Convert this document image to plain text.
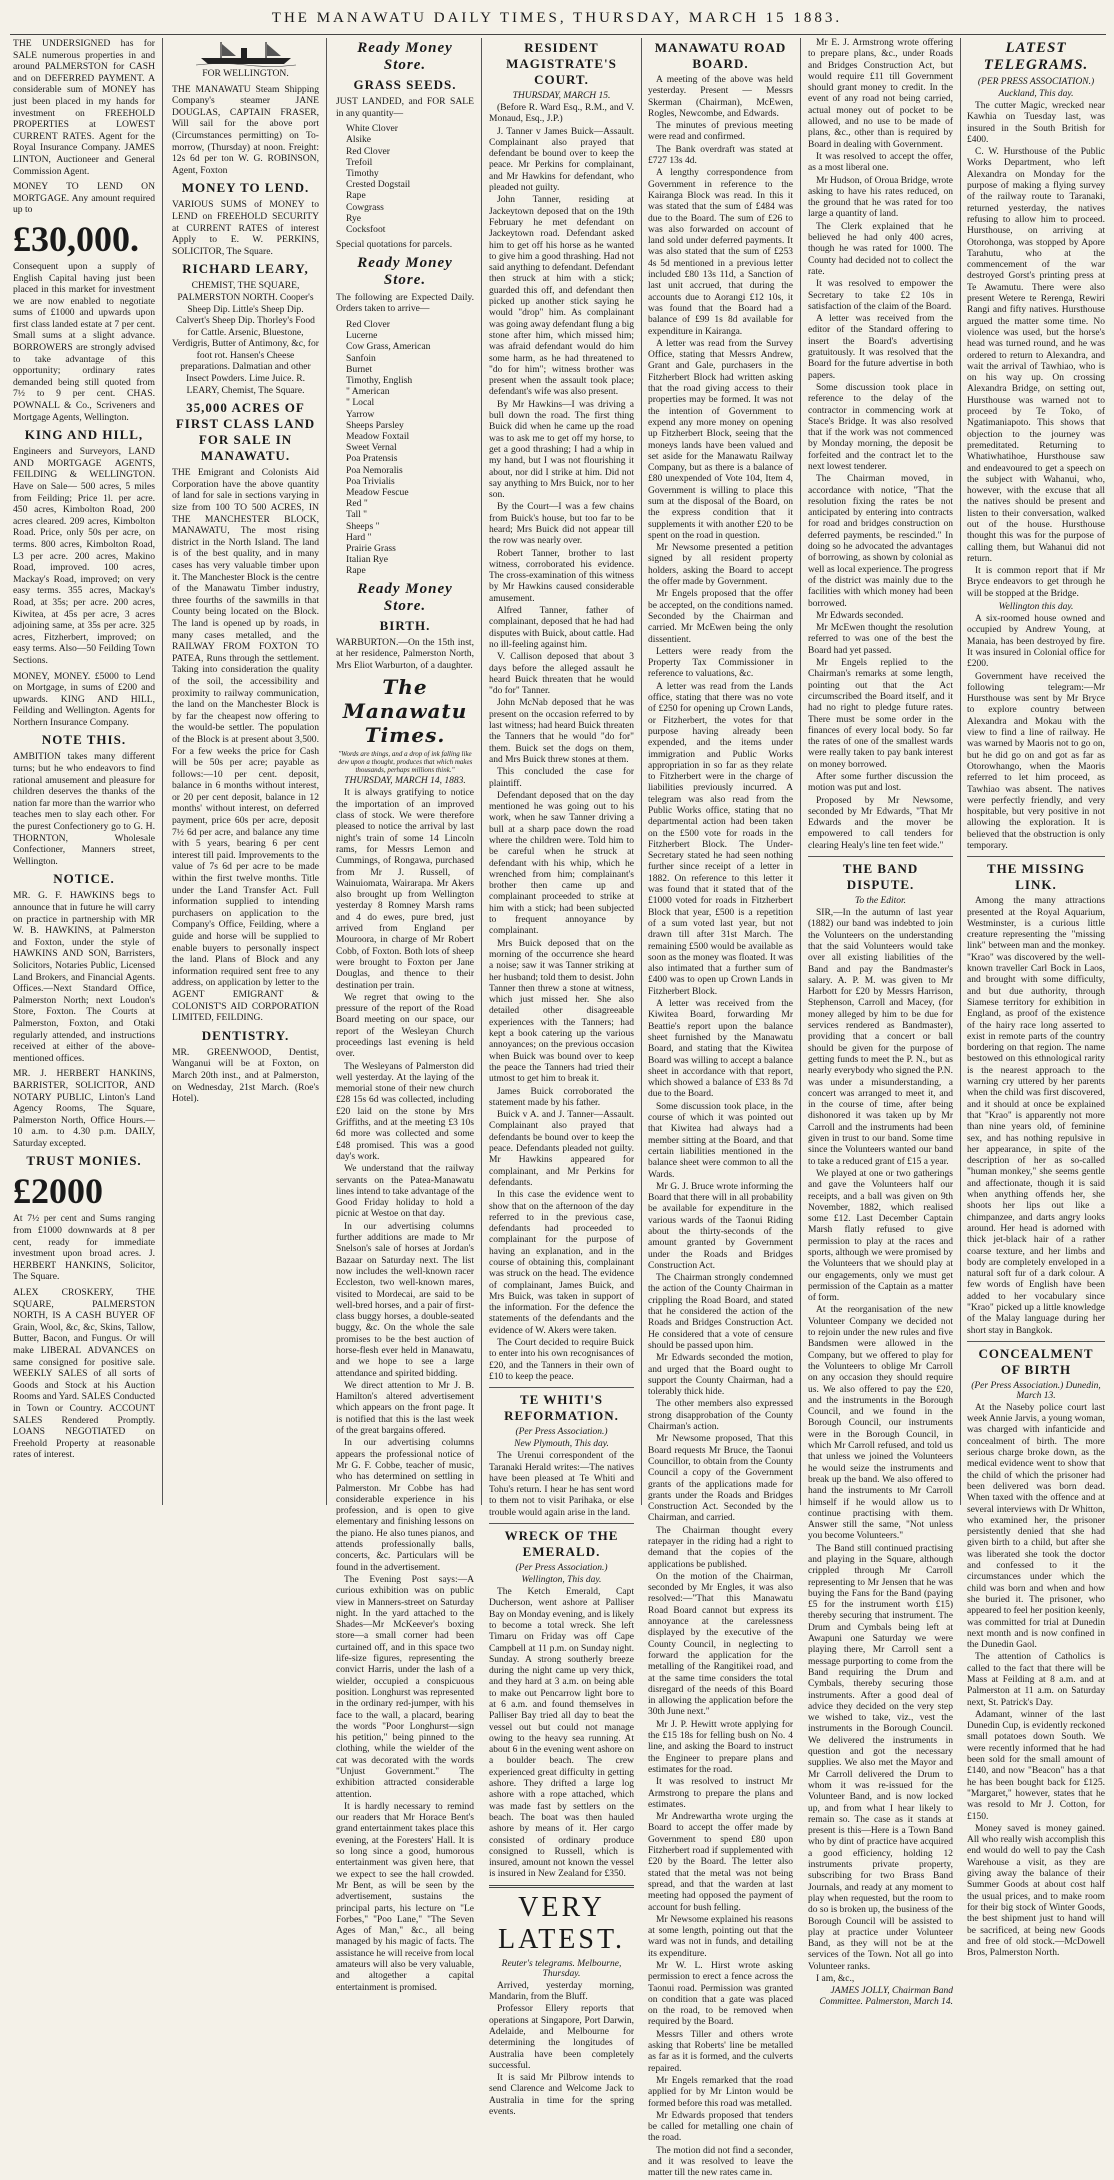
THE MANAWATU DAILY TIMES, THURSDAY, MARCH 15 1883.
THE UNDERSIGNED has for SALE numerous properties in and around PALMERSTON for CASH and on DEFERRED PAYMENT. A considerable sum of MONEY has just been placed in my hands for investment on FREEHOLD PROPERTIES at LOWEST CURRENT RATES. Agent for the Royal Insurance Company. JAMES LINTON, Auctioneer and General Commission Agent.
MONEY TO LEND ON MORTGAGE. Any amount required up to
£30,000.
Consequent upon a supply of English Capital having just been placed in this market for investment we are now enabled to negotiate sums of £1000 and upwards upon first class landed estate at 7 per cent. Small sums at a slight advance. BORROWERS are strongly advised to take advantage of this opportunity; ordinary rates demanded being still quoted from 7½ to 9 per cent. CHAS. POWNALL & Co., Scriveners and Mortgage Agents, Wellington.
KING AND HILL,
Engineers and Surveyors, LAND AND MORTGAGE AGENTS, FEILDING & WELLINGTON. Have on Sale— 500 acres, 5 miles from Feilding; Price 1l. per acre. 450 acres, Kimbolton Road, 200 acres cleared. 209 acres, Kimbolton Road. Price, only 50s per acre, on terms. 800 acres, Kimbolton Road, L3 per acre. 200 acres, Makino Road, improved. 100 acres, Mackay's Road, improved; on very easy terms. 355 acres, Mackay's Road, at 35s; per acre. 200 acres, Kiwitea, at 45s per acre, 3 acres adjoining same, at 35s per acre. 325 acres, Fitzherbert, improved; on easy terms. Also—50 Feilding Town Sections.
MONEY, MONEY. £5000 to Lend on Mortgage, in sums of £200 and upwards. KING AND HILL, Feilding and Wellington. Agents for Northern Insurance Company.
NOTE THIS.
AMBITION takes many different turns; but he who endeavors to find rational amusement and pleasure for children deserves the thanks of the nation far more than the warrior who teaches men to slay each other. For the purest Confectionery go to G. H. THORNTON, Wholesale Confectioner, Manners street, Wellington.
NOTICE.
MR. G. F. HAWKINS begs to announce that in future he will carry on practice in partnership with MR W. B. HAWKINS, at Palmerston and Foxton, under the style of HAWKINS AND SON, Barristers, Solicitors, Notaries Public, Licensed Land Brokers, and Financial Agents. Offices.—Next Standard Office, Palmerston North; next Loudon's Store, Foxton. The Courts at Palmerston, Foxton, and Otaki regularly attended, and instructions received at either of the above-mentioned offices.
MR. J. HERBERT HANKINS, BARRISTER, SOLICITOR, AND NOTARY PUBLIC, Linton's Land Agency Rooms, The Square, Palmerston North, Office Hours.—10 a.m. to 4.30 p.m. DAILY, Saturday excepted.
TRUST MONIES.
£2000
At 7½ per cent and Sums ranging from £1000 downwards at 8 per cent, ready for immediate investment upon broad acres. J. HERBERT HANKINS, Solicitor, The Square.
ALEX CROSKERY, THE SQUARE, PALMERSTON NORTH, IS A CASH BUYER OF Grain, Wool, &c, &c, Skins, Tallow, Butter, Bacon, and Fungus. Or will make LIBERAL ADVANCES on same consigned for positive sale. WEEKLY SALES of all sorts of Goods and Stock at his Auction Rooms and Yard. SALES Conducted in Town or Country. ACCOUNT SALES Rendered Promptly. LOANS NEGOTIATED on Freehold Property at reasonable rates of interest.
FOR WELLINGTON.
THE MANAWATU Steam Shipping Company's steamer JANE DOUGLAS, CAPTAIN FRASER, Will sail for the above port (Circumstances permitting) on To-morrow, (Thursday) at noon. Freight: 12s 6d per ton W. G. ROBINSON, Agent, Foxton
MONEY TO LEND.
VARIOUS SUMS of MONEY to LEND on FREEHOLD SECURITY at CURRENT RATES of interest Apply to E. W. PERKINS, SOLICITOR, The Square.
RICHARD LEARY,
CHEMIST, THE SQUARE, PALMERSTON NORTH. Cooper's Sheep Dip. Little's Sheep Dip. Calvert's Sheep Dip. Thorley's Food for Cattle. Arsenic, Bluestone, Verdigris, Butter of Antimony, &c, for foot rot. Hansen's Cheese preparations. Dalmatian and other Insect Powders. Lime Juice. R. LEARY, Chemist, The Square.
35,000 ACRES OF FIRST CLASS LAND FOR SALE IN MANAWATU.
THE Emigrant and Colonists Aid Corporation have the above quantity of land for sale in sections varying in size from 100 TO 500 ACRES, IN THE MANCHESTER BLOCK, MANAWATU, The most rising district in the North Island. The land is of the best quality, and in many cases has very valuable timber upon it. The Manchester Block is the centre of the Manawatu Timber industry, three fourths of the sawmills in that County being located on the Block. The land is opened up by roads, in many cases metalled, and the RAILWAY FROM FOXTON TO PATEA, Runs through the settlement. Taking into consideration the quality of the soil, the accessibility and proximity to railway communication, the land on the Manchester Block is by far the cheapest now offering to the would-be settler. The population of the Block is at present about 3,500. For a few weeks the price for Cash will be 50s per acre; payable as follows:—10 per cent. deposit, balance in 6 months without interest, or 20 per cent deposit, balance in 12 months' without interest, on deferred payment, price 60s per acre, deposit 7½ 6d per acre, and balance any time with 5 years, bearing 6 per cent interest till paid. Improvements to the value of 7s 6d per acre to be made within the first twelve months. Title under the Land Transfer Act. Full information supplied to intending purchasers on application to the Company's Office, Feilding, where a guide and horse will be supplied to enable buyers to personally inspect the land. Plans of Block and any information required sent free to any address, on application by letter to the AGENT EMIGRANT & COLONIST'S AID CORPORATION LIMITED, FEILDING.
DENTISTRY.
MR. GREENWOOD, Dentist, Wanganui will be at Foxton, on March 20th inst., and at Palmerston, on Wednesday, 21st March. (Roe's Hotel).
Ready Money Store.
GRASS SEEDS.
JUST LANDED, and FOR SALE in any quantity—
White Clover
Alsike
Red Clover
Trefoil
Timothy
Crested Dogstail
Rape
Cowgrass
Rye
Cocksfoot
Special quotations for parcels.
Ready Money Store.
The following are Expected Daily. Orders taken to arrive—
Red Clover
Lucerne
Cow Grass, American
Sanfoin
Burnet
Timothy, English
" American
" Local
Yarrow
Sheeps Parsley
Meadow Foxtail
Sweet Vernal
Poa Pratensis
Poa Nemoralis
Poa Trivialis
Meadow Fescue
Red "
Tall "
Sheeps "
Hard "
Prairie Grass
Italian Rye
Rape
Ready Money Store.
BIRTH.
WARBURTON.—On the 15th inst, at her residence, Palmerston North, Mrs Eliot Warburton, of a daughter.
The Manawatu Times.
"Words are things, and a drop of ink falling like dew upon a thought, produces that which makes thousands, perhaps millions think."
THURSDAY, MARCH 14, 1883.
It is always gratifying to notice the importation of an improved class of stock. We were therefore pleased to notice the arrival by last night's train of some 14 Lincoln rams, for Messrs Lemon and Cummings, of Rongawa, purchased from Mr J. Russell, of Wainuiomata, Wairarapa. Mr Akers also brought up from Wellington yesterday 8 Romney Marsh rams and 4 do ewes, pure bred, just arrived from England per Mouroora, in charge of Mr Robert Cobb, of Foxton. Both lots of sheep were brought to Foxton per Jane Douglas, and thence to their destination per train.
We regret that owing to the pressure of the report of the Road Board meeting on our space, our report of the Wesleyan Church proceedings last evening is held over.
The Wesleyans of Palmerston did well yesterday. At the laying of the memorial stone of their new church £28 15s 6d was collected, including £20 laid on the stone by Mrs Griffiths, and at the meeting £3 10s 6d more was collected and some £48 promised. This was a good day's work.
We understand that the railway servants on the Patea-Manawatu lines intend to take advantage of the Good Friday holiday to hold a picnic at Westoe on that day.
In our advertising columns further additions are made to Mr Snelson's sale of horses at Jordan's Bazaar on Saturday next. The list now includes the well-known racer Eccleston, two well-known mares, visited to Mordecai, are said to be well-bred horses, and a pair of first-class buggy horses, a double-seated buggy, &c. On the whole the sale promises to be the best auction of horse-flesh ever held in Manawatu, and we hope to see a large attendance and spirited bidding.
We direct attention to Mr J. B. Hamilton's altered advertisement which appears on the front page. It is notified that this is the last week of the great bargains offered.
In our advertising columns appears the professional notice of Mr G. F. Cobbe, teacher of music, who has determined on settling in Palmerston. Mr Cobbe has had considerable experience in his profession, and is open to give elementary and finishing lessons on the piano. He also tunes pianos, and attends professionally balls, concerts, &c. Particulars will be found in the advertisement.
The Evening Post says:—A curious exhibition was on public view in Manners-street on Saturday night. In the yard attached to the Shades—Mr McKeever's boxing store—a small corner had been curtained off, and in this space two life-size figures, representing the convict Harris, under the lash of a wielder, occupied a conspicuous position. Longhurst was represented in the ordinary red-jumper, with his face to the wall, a placard, bearing the words "Poor Longhurst—sign his petition," being pinned to the clothing, while the wielder of the cat was decorated with the words "Unjust Government." The exhibition attracted considerable attention.
It is hardly necessary to remind our readers that Mr Horace Bent's grand entertainment takes place this evening, at the Foresters' Hall. It is so long since a good, humorous entertainment was given here, that we expect to see the hall crowded. Mr Bent, as will be seen by the advertisement, sustains the principal parts, his lecture on "Le Forbes," "Poo Lane," "The Seven Ages of Man," &c., all being managed by his magic of facts. The assistance he will receive from local amateurs will also be very valuable, and altogether a capital entertainment is promised.
RESIDENT MAGISTRATE'S COURT.
THURSDAY, MARCH 15.
(Before R. Ward Esq., R.M., and V. Monaud, Esq., J.P.)
J. Tanner v James Buick—Assault. Complainant also prayed that defendant be bound over to keep the peace. Mr Perkins for complainant, and Mr Hawkins for defendant, who pleaded not guilty.
John Tanner, residing at Jackeytown deposed that on the 19th February he met defendant on Jackeytown road. Defendant asked him to get off his horse as he wanted to give him a good thrashing. Had not said anything to defendant. Defendant then struck at him with a stick; guarded this off, and defendant then picked up another stick saying he would "drop" him. As complainant was going away defendant flung a big stone after him, which missed him; was afraid defendant would do him some harm, as he had threatened to "do for him"; witness brother was present when the assault took place; defendant's wife was also present.
By Mr Hawkins—I was driving a bull down the road. The first thing Buick did when he came up the road was to ask me to get off my horse, to get a good thrashing; I had a whip in my hand, but I was not flourishing it about, nor did I strike at him. Did not say anything to Mrs Buick, nor to her son.
By the Court—I was a few chains from Buick's house, but too far to be heard; Mrs Buick did not appear till the row was nearly over.
Robert Tanner, brother to last witness, corroborated his evidence. The cross-examination of this witness by Mr Hawkins caused considerable amusement.
Alfred Tanner, father of complainant, deposed that he had had disputes with Buick, about cattle. Had no ill-feeling against him.
V. Callison deposed that about 3 days before the alleged assault he heard Buick threaten that he would "do for" Tanner.
John McNab deposed that he was present on the occasion referred to by last witness; had heard Buick threaten the Tanners that he would "do for" them. Buick set the dogs on them, and Mrs Buick threw stones at them.
This concluded the case for plaintiff.
Defendant deposed that on the day mentioned he was going out to his work, when he saw Tanner driving a bull at a sharp pace down the road where the children were. Told him to be careful when he struck at defendant with his whip, which he wrenched from him; complainant's brother then came up and complainant proceeded to strike at him with a stick; had been subjected to frequent annoyance by complainant.
Mrs Buick deposed that on the morning of the occurrence she heard a noise; saw it was Tanner striking at her husband; told them to desist. John Tanner then threw a stone at witness, which just missed her. She also detailed other disagreeable experiences with the Tanners; had kept a book catering up the various annoyances; on the previous occasion when Buick was bound over to keep the peace the Tanners had tried their utmost to get him to break it.
James Buick corroborated the statement made by his father.
Buick v A. and J. Tanner—Assault. Complainant also prayed that defendants be bound over to keep the peace. Defendants pleaded not guilty. Mr Hawkins appeared for complainant, and Mr Perkins for defendants.
In this case the evidence went to show that on the afternoon of the day referred to in the previous case, defendants had proceeded to complainant for the purpose of having an explanation, and in the course of obtaining this, complainant was struck on the head. The evidence of complainant, James Buick, and Mrs Buick, was taken in support of the information. For the defence the statements of the defendants and the evidence of W. Akers were taken.
The Court decided to require Buick to enter into his own recognisances of £20, and the Tanners in their own of £10 to keep the peace.
TE WHITI'S REFORMATION.
(Per Press Association.)
New Plymouth, This day.
The Urenui correspondent of the Taranaki Herald writes:—The natives have been pleased at Te Whiti and Tohu's return. I hear he has sent word to them not to visit Parihaka, or else trouble would again arise in the land.
WRECK OF THE EMERALD.
(Per Press Association.)
Wellington, This day.
The Ketch Emerald, Capt Ducherson, went ashore at Palliser Bay on Monday evening, and is likely to become a total wreck. She left Timaru on Friday was off Cape Campbell at 11 p.m. on Sunday night. Sunday. A strong southerly breeze during the night came up very thick, and they hard at 3 a.m. on being able to make out Pencarrow light bore to at 6 a.m. and found themselves in Palliser Bay tried all day to beat the vessel out but could not manage owing to the heavy sea running. At about 6 in the evening went ashore on a boulder beach. The crew experienced great difficulty in getting ashore. They drifted a large log ashore with a rope attached, which was made fast by settlers on the beach. The boat was then hauled ashore by means of it. Her cargo consisted of ordinary produce consigned to Russell, which is insured, amount not known the vessel is insured in New Zealand for £350.
VERY LATEST.
Reuter's telegrams. Melbourne, Thursday.
Arrived, yesterday morning, Mandarin, from the Bluff.
Professor Ellery reports that operations at Singapore, Port Darwin, Adelaide, and Melbourne for determining the longitudes of Australia have been completely successful.
It is said Mr Pilbrow intends to send Clarence and Welcome Jack to Australia in time for the spring events.
MANAWATU ROAD BOARD.
A meeting of the above was held yesterday. Present — Messrs Skerman (Chairman), McEwen, Rogles, Newcombe, and Edwards.
The minutes of previous meeting were read and confirmed.
The Bank overdraft was stated at £727 13s 4d.
A lengthy correspondence from Government in reference to the Kairanga Block was read. In this it was stated that the sum of £484 was due to the Board. The sum of £26 to was also forwarded on account of land sold under deferred payments. It was also stated that the sum of £253 4s 5d mentioned in a previous letter included £80 13s 11d, a Sanction of last unit accrued, that during the accounts due to Aorangi £12 10s, it was found that the Board had a balance of £99 1s 8d available for expenditure in Kairanga.
A letter was read from the Survey Office, stating that Messrs Andrew, Grant and Gale, purchasers in the Fitzherbert Block had written asking that the road giving access to their properties may be formed. It was not the intention of Government to expend any more money on opening up Fitzherbert Block, seeing that the moneys lands have been valued and set aside for the Manawatu Railway Company, but as there is a balance of £80 unexpended of Vote 104, Item 4, Government is willing to place this sum at the disposal of the Board, on the express condition that it supplements it with another £20 to be spent on the road in question.
Mr Newsome presented a petition signed by all resident property holders, asking the Board to accept the offer made by Government.
Mr Engels proposed that the offer be accepted, on the conditions named. Seconded by the Chairman and carried. Mr McEwen being the only dissentient.
Letters were ready from the Property Tax Commissioner in reference to valuations, &c.
A letter was read from the Lands office, stating that there was no vote of £250 for opening up Crown Lands, or Fitzherbert, the votes for that purpose having already been expended, and the items under immigration and Public Works appropriation in so far as they relate to Fitzherbert were in the charge of liabilities previously incurred. A telegram was also read from the Public Works office, stating that no departmental action had been taken on the £500 vote for roads in the Fitzherbert Block. The Under-Secretary stated he had seen nothing further since receipt of a letter in 1882. On reference to this letter it was found that it stated that of the £1000 voted for roads in Fitzherbert Block that year, £500 is a repetition of a sum voted last year, but not drawn till after 31st March. The remaining £500 would be available as soon as the money was floated. It was also intimated that a further sum of £400 was to open up Crown Lands in Fitzherbert Block.
A letter was received from the Kiwitea Board, forwarding Mr Beattie's report upon the balance sheet furnished by the Manawatu Board, and stating that the Kiwitea Board was willing to accept a balance sheet in accordance with that report, which showed a balance of £33 8s 7d due to the Board.
Some discussion took place, in the course of which it was pointed out that Kiwitea had always had a member sitting at the Board, and that certain liabilities mentioned in the balance sheet were common to all the Wards.
Mr G. J. Bruce wrote informing the Board that there will in all probability be available for expenditure in the various wards of the Taonui Riding about the thirty-seconds of the amount granted by Government under the Roads and Bridges Construction Act.
The Chairman strongly condemned the action of the County Chairman in crippling the Road Board, and stated that he considered the action of the Roads and Bridges Construction Act. He considered that a vote of censure should be passed upon him.
Mr Edwards seconded the motion, and urged that the Board ought to support the County Chairman, had a tolerably thick hide.
The other members also expressed strong disapprobation of the County Chairman's action.
Mr Newsome proposed, That this Board requests Mr Bruce, the Taonui Councillor, to obtain from the County Council a copy of the Government grants of the applications made for grants under the Roads and Bridges Construction Act. Seconded by the Chairman, and carried.
The Chairman thought every ratepayer in the riding had a right to demand that the copies of the applications be published.
On the motion of the Chairman, seconded by Mr Engles, it was also resolved:—"That this Manawatu Road Board cannot but express its annoyance at the carelessness displayed by the executive of the County Council, in neglecting to forward the application for the metalling of the Rangitikei road, and at the same time considers the total disregard of the needs of this Board in allowing the application before the 30th June next."
Mr J. P. Hewitt wrote applying for the £15 18s for felling bush on No. 4 line, and asking the Board to instruct the Engineer to prepare plans and estimates for the road.
It was resolved to instruct Mr Armstrong to prepare the plans and estimates.
Mr Andrewartha wrote urging the Board to accept the offer made by Government to spend £80 upon Fitzherbert road if supplemented with £20 by the Board. The letter also stated that the metal was not being spread, and that the warden at last meeting had opposed the payment of account for bush felling.
Mr Newsome explained his reasons at some length, pointing out that the ward was not in funds, and detailing its expenditure.
Mr W. L. Hirst wrote asking permission to erect a fence across the Taonui road. Permission was granted on condition that a gate was placed on the road, to be removed when required by the Board.
Messrs Tiller and others wrote asking that Roberts' line be metalled as far as it is formed, and the culverts repaired.
Mr Engels remarked that the road applied for by Mr Linton would be formed before this road was metalled.
Mr Edwards proposed that tenders be called for metalling one chain of the road.
The motion did not find a seconder, and it was resolved to leave the matter till the new rates came in.
Mr E. J. Armstrong wrote offering to prepare plans, &c., under Roads and Bridges Construction Act, but would require £11 till Government should grant money to credit. In the event of any road not being carried, actual money out of pocket to be allowed, and no use to be made of plans, &c., other than is required by Board in dealing with Government.
It was resolved to accept the offer, as a most liberal one.
Mr Hudson, of Oroua Bridge, wrote asking to have his rates reduced, on the ground that he was rated for too large a quantity of land.
The Clerk explained that he believed he had only 400 acres, though he was rated for 1000. The County had decided not to collect the rate.
It was resolved to empower the Secretary to take £2 10s in satisfaction of the claim of the Board.
A letter was received from the editor of the Standard offering to insert the Board's advertising gratuitously. It was resolved that the Board for the future advertise in both papers.
Some discussion took place in reference to the delay of the contractor in commencing work at Stace's Bridge. It was also resolved that if the work was not commenced by Monday morning, the deposit be forfeited and the contract let to the next lowest tenderer.
The Chairman moved, in accordance with notice, "That the resolution fixing the rates be not anticipated by entering into contracts for road and bridges construction on deferred payments, be rescinded." In doing so he advocated the advantages of borrowing, as shown by colonial as well as local experience. The progress of the district was mainly due to the facilities with which money had been borrowed.
Mr Edwards seconded.
Mr McEwen thought the resolution referred to was one of the best the Board had yet passed.
Mr Engels replied to the Chairman's remarks at some length, pointing out that the Act circumscribed the Board itself, and it had no right to pledge future rates. There must be some order in the finances of every local body. So far the rates of one of the smallest wards were really taken to pay bank interest on money borrowed.
After some further discussion the motion was put and lost.
Proposed by Mr Newsome, seconded by Mr Edwards, "That Mr Edwards and the mover be empowered to call tenders for clearing Healy's line ten feet wide."
THE BAND DISPUTE.
To the Editor.
SIR,—In the autumn of last year (1882) our band was indebted to join the Volunteers on the understanding that the said Volunteers would take over all existing liabilities of the Band and pay the Bandmaster's salary. A. P. M. was given to Mr Harbott for £20 by Messrs Harrison, Stephenson, Carroll and Macey, (for money alleged by him to be due for services rendered as Bandmaster), providing that a concert or ball should be given for the purpose of getting funds to meet the P. N., but as nearly everybody who signed the P.N. was under a misunderstanding, a concert was arranged to meet it, and in the course of time, after being dishonored it was taken up by Mr Carroll and the instruments had been given in trust to our band. Some time since the Volunteers wanted our band to take a reduced grant of £15 a year.
We played at one or two gatherings and gave the Volunteers half our receipts, and a ball was given on 9th November, 1882, which realised some £12. Last December Captain Marsh flatly refused to give permission to play at the races and sports, although we were promised by the Volunteers that we should play at our engagements, only we must get permission of the Captain as a matter of form.
At the reorganisation of the new Volunteer Company we decided not to rejoin under the new rules and five Bandsmen were allowed in the Company, but we offered to play for the Volunteers to oblige Mr Carroll on any occasion they should require us. We also offered to pay the £20, and the instruments in the Borough Council, and we found in the Borough Council, our instruments were in the Borough Council, in which Mr Carroll refused, and told us that unless we joined the Volunteers he would seize the instruments and break up the band. We also offered to hand the instruments to Mr Carroll himself if he would allow us to continue practising with them. Answer still the same, "Not unless you become Volunteers."
The Band still continued practising and playing in the Square, although crippled through Mr Carroll representing to Mr Jensen that he was buying the Fans for the Band (paying £5 for the instrument worth £15) thereby securing that instrument. The Drum and Cymbals being left at Awapuni one Saturday we were playing there, Mr Carroll sent a message purporting to come from the Band requiring the Drum and Cymbals, thereby securing those instruments. After a good deal of advice they decided on the very step we wished to take, viz., vest the instruments in the Borough Council. We delivered the instruments in question and got the necessary supplies. We also met the Mayor and Mr Carroll delivered the Drum to whom it was re-issued for the Volunteer Band, and is now locked up, and from what I hear likely to remain so. The case as it stands at present is this—Here is a Town Band who by dint of practice have acquired a good efficiency, holding 12 instruments private property, subscribing for two Brass Band Journals, and ready at any moment to play when requested, but the room to do so is broken up, the business of the Borough Council will be assisted to play at practice under Volunteer Band, as they will not be at the services of the Town. Not all go into Volunteer ranks.
I am, &c.,
JAMES JOLLY, Chairman Band Committee. Palmerston, March 14.
LATEST TELEGRAMS.
(PER PRESS ASSOCIATION.)
Auckland, This day.
The cutter Magic, wrecked near Kawhia on Tuesday last, was insured in the South British for £400.
C. W. Hursthouse of the Public Works Department, who left Alexandra on Monday for the purpose of making a flying survey of the railway route to Taranaki, returned yesterday, the natives refusing to allow him to proceed. Hursthouse, on arriving at Otorohonga, was stopped by Apore Tarahutu, who at the commencement of the war destroyed Gorst's printing press at Te Awamutu. There were also present Wetere te Rerenga, Rewiri Rangi and fifty natives. Hursthouse argued the matter some time. No violence was used, but the horse's head was turned round, and he was ordered to return to Alexandra, and wait the arrival of Tawhiao, who is on his way up. On crossing Alexandra Bridge, on setting out, Hursthouse was warned not to proceed by Te Toko, of Ngatimaniapoto. This shows that objection to the journey was premeditated. Returning to Whatiwhatihoe, Hursthouse saw and endeavoured to get a speech on the subject with Wahanui, who, however, with the excuse that all the natives should be present and listen to their conversation, walked out of the house. Hursthouse thought this was for the purpose of calling them, but Wahanui did not return.
It is common report that if Mr Bryce endeavors to get through he will be stopped at the Bridge.
Wellington this day.
A six-roomed house owned and occupied by Andrew Young, at Manaia, has been destroyed by fire. It was insured in Colonial office for £200.
Government have received the following telegram:—Mr Hursthouse was sent by Mr Bryce to explore country between Alexandra and Mokau with the view to find a line of railway. He was warned by Maoris not to go on, but he did go on and got as far as Otorowhango, when the Maoris referred to let him proceed, as Tawhiao was absent. The natives were perfectly friendly, and very hospitable, but very positive in not allowing the exploration. It is believed that the obstruction is only temporary.
THE MISSING LINK.
Among the many attractions presented at the Royal Aquarium, Westminster, is a curious little creature representing the "missing link" between man and the monkey. "Krao" was discovered by the well-known traveller Carl Bock in Laos, and brought with some difficulty, and but due authority, through Siamese territory for exhibition in England, as proof of the existence of the hairy race long asserted to exist in remote parts of the country bordering on that region. The name bestowed on this ethnological rarity is the nearest approach to the warning cry uttered by her parents when the child was first discovered, and it should at once be explained that "Krao" is apparently not more than nine years old, of feminine sex, and has nothing repulsive in her appearance, in spite of the description of her as so-called "human monkey," she seems gentle and affectionate, though it is said when anything offends her, she shoots her lips out like a chimpanzee, and darts angry looks around. Her head is adorned with thick jet-black hair of a rather coarse texture, and her limbs and body are completely enveloped in a natural soft fur of a dark colour. A few words of English have been added to her vocabulary since "Krao" picked up a little knowledge of the Malay language during her short stay in Bangkok.
CONCEALMENT OF BIRTH
(Per Press Association.) Dunedin, March 13.
At the Naseby police court last week Annie Jarvis, a young woman, was charged with infanticide and concealment of birth. The more serious charge broke down, as the medical evidence went to show that the child of which the prisoner had been delivered was born dead. When taxed with the offence and at several interviews with Dr Whitton, who examined her, the prisoner persistently denied that she had given birth to a child, but after she was liberated she took the doctor and confessed to it the circumstances under which the child was born and when and how she buried it. The prisoner, who appeared to feel her position keenly, was committed for trial at Dunedin next month and is now confined in the Dunedin Gaol.
The attention of Catholics is called to the fact that there will be Mass at Feilding at 8 a.m. and at Palmerston at 11 a.m. on Saturday next, St. Patrick's Day.
Adamant, winner of the last Dunedin Cup, is evidently reckoned small potatoes down South. We were recently informed that he had been sold for the small amount of £140, and now "Beacon" has a that he has been bought back for £125. "Margaret," however, states that he was resold to Mr J. Cotton, for £150.
Money saved is money gained. All who really wish accomplish this end would do well to pay the Cash Warehouse a visit, as they are giving away the balance of their Summer Goods at about cost half the usual prices, and to make room for their big stock of Winter Goods, the best shipment just to hand will be sacrificed, at being new Goods and free of old stock.—McDowell Bros, Palmerston North.
